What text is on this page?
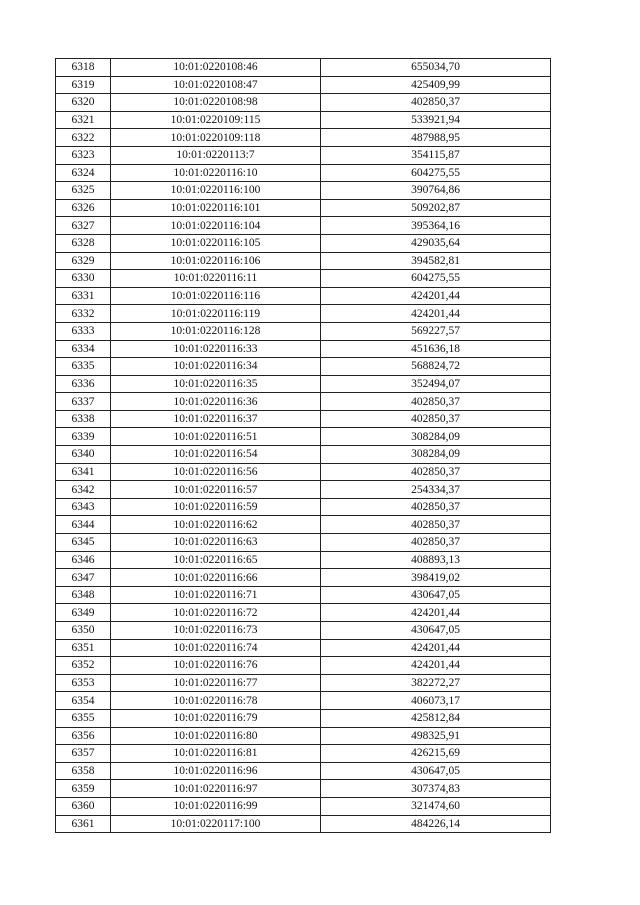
6318	10:01:0220108:46	655034,70
6319	10:01:0220108:47	425409,99
6320	10:01:0220108:98	402850,37
6321	10:01:0220109:115	533921,94
6322	10:01:0220109:118	487988,95
6323	10:01:0220113:7	354115,87
6324	10:01:0220116:10	604275,55
6325	10:01:0220116:100	390764,86
6326	10:01:0220116:101	509202,87
6327	10:01:0220116:104	395364,16
6328	10:01:0220116:105	429035,64
6329	10:01:0220116:106	394582,81
6330	10:01:0220116:11	604275,55
6331	10:01:0220116:116	424201,44
6332	10:01:0220116:119	424201,44
6333	10:01:0220116:128	569227,57
6334	10:01:0220116:33	451636,18
6335	10:01:0220116:34	568824,72
6336	10:01:0220116:35	352494,07
6337	10:01:0220116:36	402850,37
6338	10:01:0220116:37	402850,37
6339	10:01:0220116:51	308284,09
6340	10:01:0220116:54	308284,09
6341	10:01:0220116:56	402850,37
6342	10:01:0220116:57	254334,37
6343	10:01:0220116:59	402850,37
6344	10:01:0220116:62	402850,37
6345	10:01:0220116:63	402850,37
6346	10:01:0220116:65	408893,13
6347	10:01:0220116:66	398419,02
6348	10:01:0220116:71	430647,05
6349	10:01:0220116:72	424201,44
6350	10:01:0220116:73	430647,05
6351	10:01:0220116:74	424201,44
6352	10:01:0220116:76	424201,44
6353	10:01:0220116:77	382272,27
6354	10:01:0220116:78	406073,17
6355	10:01:0220116:79	425812,84
6356	10:01:0220116:80	498325,91
6357	10:01:0220116:81	426215,69
6358	10:01:0220116:96	430647,05
6359	10:01:0220116:97	307374,83
6360	10:01:0220116:99	321474,60
6361	10:01:0220117:100	484226,14
